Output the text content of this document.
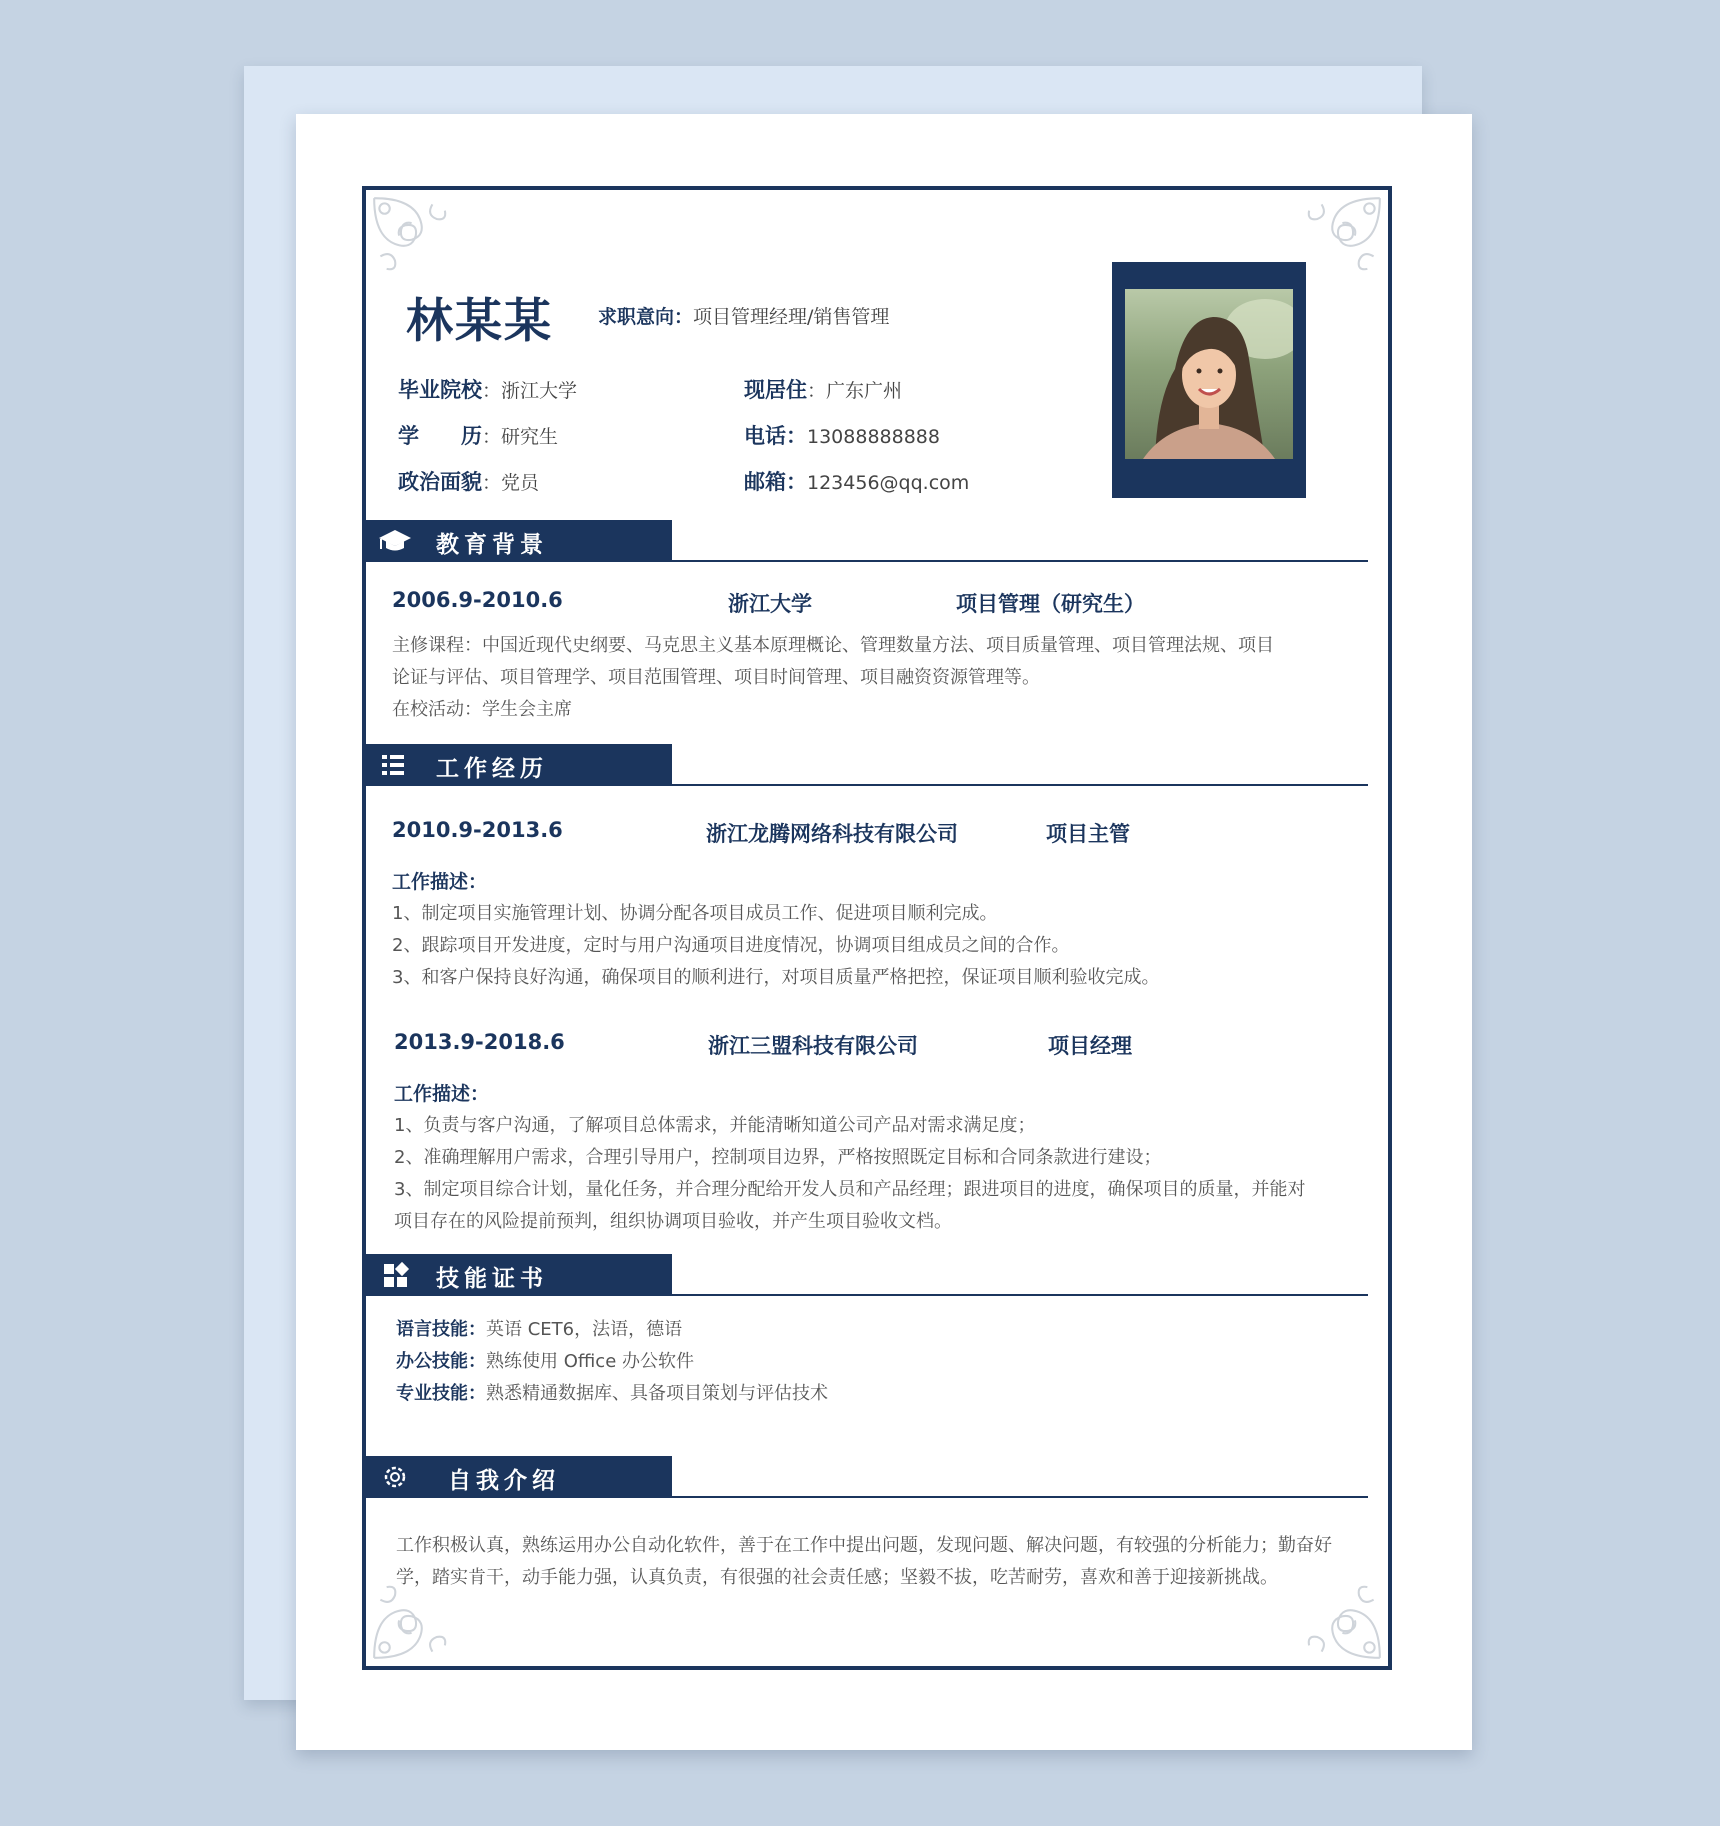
林某某 求职意向：项目管理经理/销售管理
毕业院校：浙江大学
学　　历：研究生
政治面貌：党员
现居住：广东广州
电话：13088888888
邮箱：123456@qq.com
教育背景
2006.9-2010.6	浙江大学	项目管理（研究生）
主修课程：中国近现代史纲要、马克思主义基本原理概论、管理数量方法、项目质量管理、项目管理法规、项目
论证与评估、项目管理学、项目范围管理、项目时间管理、项目融资资源管理等。
在校活动：学生会主席
工作经历
2010.9-2013.6	浙江龙腾网络科技有限公司	项目主管
工作描述：
1、制定项目实施管理计划、协调分配各项目成员工作、促进项目顺利完成。
2、跟踪项目开发进度，定时与用户沟通项目进度情况，协调项目组成员之间的合作。
3、和客户保持良好沟通，确保项目的顺利进行，对项目质量严格把控，保证项目顺利验收完成。
2013.9-2018.6	浙江三盟科技有限公司	项目经理
工作描述：
1、负责与客户沟通，了解项目总体需求，并能清晰知道公司产品对需求满足度；
2、准确理解用户需求，合理引导用户，控制项目边界，严格按照既定目标和合同条款进行建设；
3、制定项目综合计划，量化任务，并合理分配给开发人员和产品经理；跟进项目的进度，确保项目的质量，并能对
项目存在的风险提前预判，组织协调项目验收，并产生项目验收文档。
技能证书
语言技能：英语 CET6，法语，德语
办公技能：熟练使用 Office 办公软件
专业技能：熟悉精通数据库、具备项目策划与评估技术
自我介绍
工作积极认真，熟练运用办公自动化软件，善于在工作中提出问题，发现问题、解决问题，有较强的分析能力；勤奋好
学，踏实肯干，动手能力强，认真负责，有很强的社会责任感；坚毅不拔，吃苦耐劳，喜欢和善于迎接新挑战。
